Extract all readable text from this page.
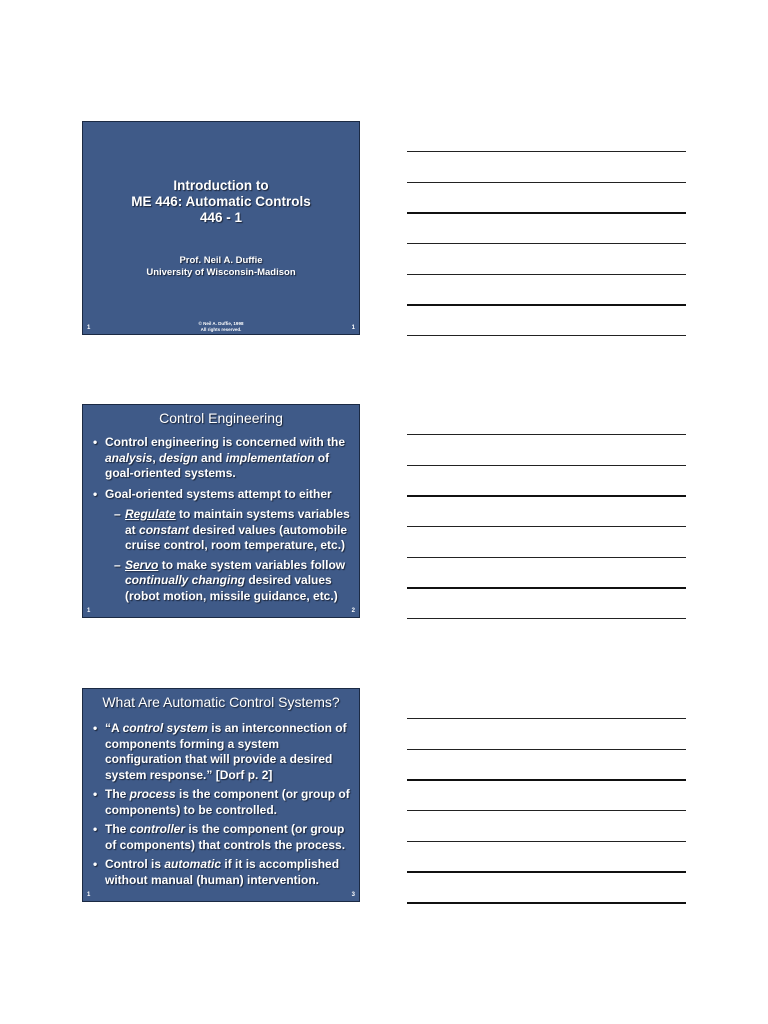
Introduction to
ME 446: Automatic Controls
446 - 1
Prof. Neil A. Duffie
University of Wisconsin-Madison
© Neil A. Duffie, 1998
All rights reserved.
1	1
Control Engineering
• Control engineering is concerned with the analysis, design and implementation of goal-oriented systems.
• Goal-oriented systems attempt to either
– Regulate to maintain systems variables at constant desired values (automobile cruise control, room temperature, etc.)
– Servo to make system variables follow continually changing desired values (robot motion, missile guidance, etc.)
1	2
What Are Automatic Control Systems?
• “A control system is an interconnection of components forming a system configuration that will provide a desired system response.” [Dorf p. 2]
• The process is the component (or group of components) to be controlled.
• The controller is the component (or group of components) that controls the process.
• Control is automatic if it is accomplished without manual (human) intervention.
1	3
